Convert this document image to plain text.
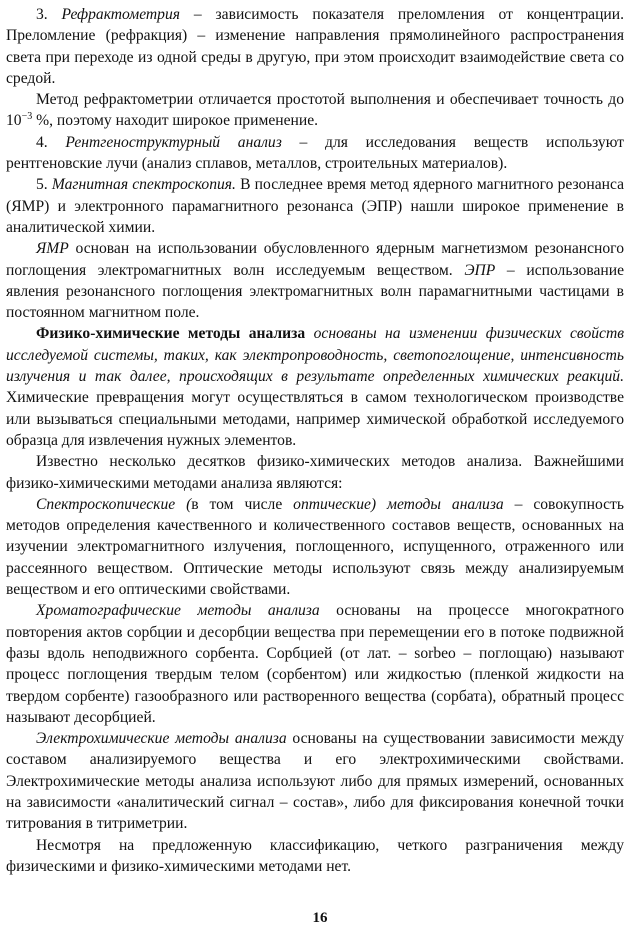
3. Рефрактометрия – зависимость показателя преломления от концентрации. Преломление (рефракция) – изменение направления прямолинейного распространения света при переходе из одной среды в другую, при этом происходит взаимодействие света со средой.

Метод рефрактометрии отличается простотой выполнения и обеспечивает точность до $10^{-3}$ %, поэтому находит широкое применение.

4. Рентгеноструктурный анализ – для исследования веществ используют рентгеновские лучи (анализ сплавов, металлов, строительных материалов).

5. Магнитная спектроскопия. В последнее время метод ядерного магнитного резонанса (ЯМР) и электронного парамагнитного резонанса (ЭПР) нашли широкое применение в аналитической химии.

ЯМР основан на использовании обусловленного ядерным магнетизмом резонансного поглощения электромагнитных волн исследуемым веществом. ЭПР – использование явления резонансного поглощения электромагнитных волн парамагнитными частицами в постоянном магнитном поле.

Физико-химические методы анализа основаны на изменении физических свойств исследуемой системы, таких, как электропроводность, светопоглощение, интенсивность излучения и так далее, происходящих в результате определенных химических реакций. Химические превращения могут осуществляться в самом технологическом производстве или вызываться специальными методами, например химической обработкой исследуемого образца для извлечения нужных элементов.

Известно несколько десятков физико-химических методов анализа. Важнейшими физико-химическими методами анализа являются:

Спектроскопические (в том числе оптические) методы анализа – совокупность методов определения качественного и количественного составов веществ, основанных на изучении электромагнитного излучения, поглощенного, испущенного, отраженного или рассеянного веществом. Оптические методы используют связь между анализируемым веществом и его оптическими свойствами.

Хроматографические методы анализа основаны на процессе многократного повторения актов сорбции и десорбции вещества при перемещении его в потоке подвижной фазы вдоль неподвижного сорбента. Сорбцией (от лат. – sorbeo – поглощаю) называют процесс поглощения твердым телом (сорбентом) или жидкостью (пленкой жидкости на твердом сорбенте) газообразного или растворенного вещества (сорбата), обратный процесс называют десорбцией.

Электрохимические методы анализа основаны на существовании зависимости между составом анализируемого вещества и его электрохимическими свойствами. Электрохимические методы анализа используют либо для прямых измерений, основанных на зависимости «аналитический сигнал – состав», либо для фиксирования конечной точки титрования в титриметрии.

Несмотря на предложенную классификацию, четкого разграничения между физическими и физико-химическими методами нет.

16
